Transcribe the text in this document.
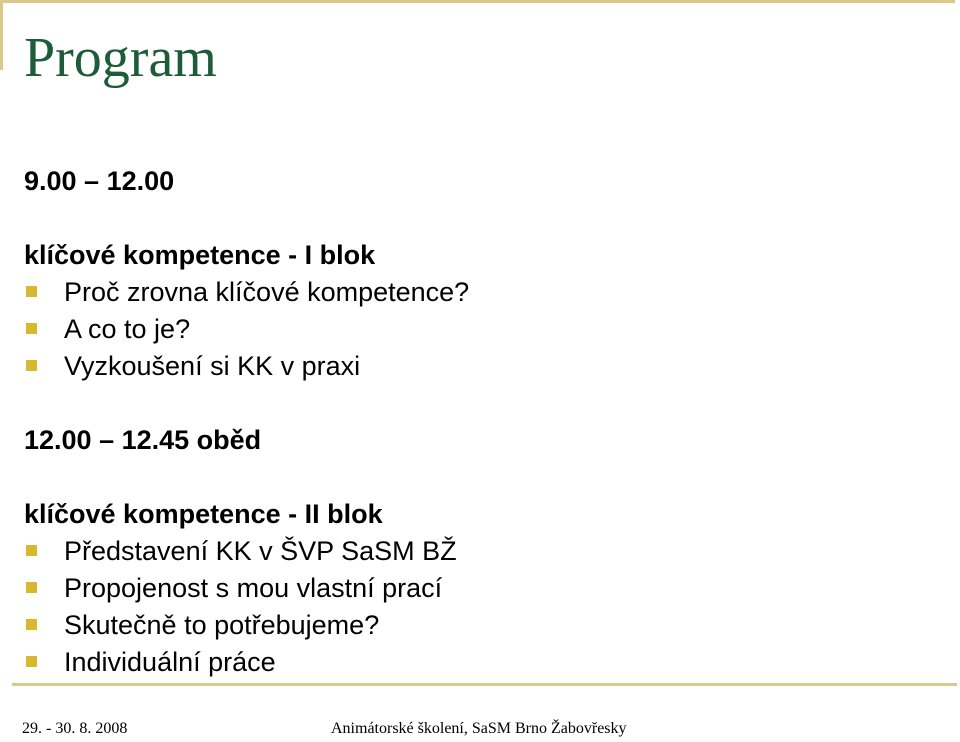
Program
9.00 – 12.00
klíčové kompetence - I blok
Proč zrovna klíčové kompetence?
A co to je?
Vyzkoušení si KK v praxi
12.00 – 12.45 oběd
klíčové kompetence - II blok
Představení KK v ŠVP SaSM BŽ
Propojenost s mou vlastní prací
Skutečně to potřebujeme?
Individuální práce
29. - 30. 8. 2008	Animátorské školení, SaSM Brno Žabovřesky
